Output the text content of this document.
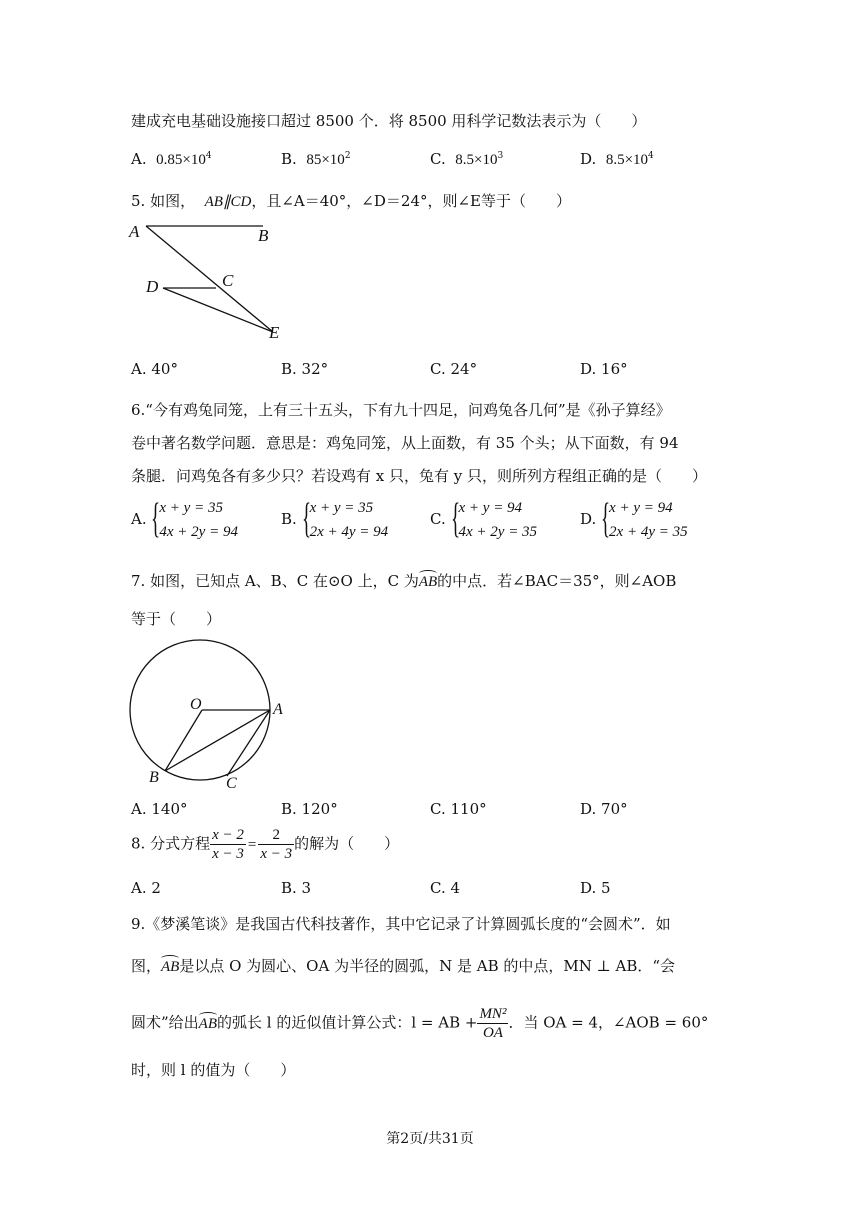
建成充电基础设施接口超过 8500 个．将 8500 用科学记数法表示为（　　）
A. $0.85\times 10^4$	B. $85\times 10^2$	C. $8.5\times 10^3$	D. $8.5\times 10^4$
5. 如图， AB∥CD，且∠A＝40°，∠D＝24°，则∠E等于（　　）
A	B
C
D
E
A. 40°	B. 32°	C. 24°	D. 16°
6.“今有鸡兔同笼，上有三十五头，下有九十四足，问鸡兔各几何”是《孙子算经》
卷中著名数学问题．意思是：鸡兔同笼，从上面数，有 35 个头；从下面数，有 94
条腿．问鸡兔各有多少只？若设鸡有 x 只，兔有 y 只，则所列方程组正确的是（　　）
A. {
x + y = 35
4x + 2y = 94
B. {
x + y = 35
2x + 4y = 94
C. {
x + y = 94
4x + 2y = 35
D. {
x + y = 94
2x + 4y = 35
7. 如图，已知点 A、B、C 在⊙O 上，C 为AB的中点．若∠BAC＝35°，则∠AOB
等于（　　）
O	A
B	C
A. 140°	B. 120°	C. 110°	D. 70°
8. 分式方程 $\frac{x - 2}{x - 3} = \frac{2}{x - 3}$ 的解为（　　）
A. 2	B. 3	C. 4	D. 5
9.《梦溪笔谈》是我国古代科技著作，其中它记录了计算圆弧长度的“会圆术”．如
图，AB是以点 O 为圆心、OA 为半径的圆弧，N 是 AB 的中点，MN ⊥ AB．“会
圆术”给出AB的弧长 l 的近似值计算公式：l = AB + $\frac{\text{MN²}}{OA}$ ．当 OA = 4，∠AOB = 60°
时，则 l 的值为（　　）
第2页/共31页
